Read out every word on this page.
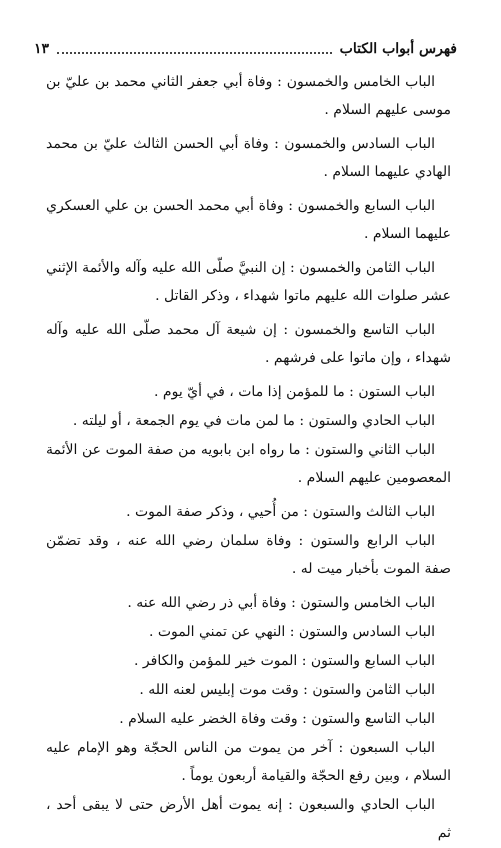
فهرس أبواب الكتاب
١٣

الباب الخامس والخمسون : وفاة أبي جعفر الثاني محمد بن عليّ بن موسى عليهم السلام .

الباب السادس والخمسون : وفاة أبي الحسن الثالث عليّ بن محمد الهادي عليهما السلام .

الباب السابع والخمسون : وفاة أبي محمد الحسن بن علي العسكري عليهما السلام .

الباب الثامن والخمسون : إن النبيَّ صلّى الله عليه وآله والأئمة الإثني عشر صلوات الله عليهم ماتوا شهداء ، وذكر القاتل .

الباب التاسع والخمسون : إن شيعة آل محمد صلّى الله عليه وآله شهداء ، وإن ماتوا على فرشهم .

الباب الستون : ما للمؤمن إذا مات ، في أيّ يوم .

الباب الحادي والستون : ما لمن مات في يوم الجمعة ، أو ليلته .

الباب الثاني والستون : ما رواه ابن بابويه من صفة الموت عن الأئمة المعصومين عليهم السلام .

الباب الثالث والستون : من أُحيي ، وذكر صفة الموت .

الباب الرابع والستون : وفاة سلمان رضي الله عنه ، وقد تضمّن صفة الموت بأخبار ميت له .

الباب الخامس والستون : وفاة أبي ذر رضي الله عنه .

الباب السادس والستون : النهي عن تمني الموت .

الباب السابع والستون : الموت خير للمؤمن والكافر .

الباب الثامن والستون : وقت موت إبليس لعنه الله .

الباب التاسع والستون : وقت وفاة الخضر عليه السلام .

الباب السبعون : آخر من يموت من الناس الحجّة وهو الإمام عليه السلام ، وبين رفع الحجّة والقيامة أربعون يوماً .

الباب الحادي والسبعون : إنه يموت أهل الأرض حتى لا يبقى أحد ، ثم
